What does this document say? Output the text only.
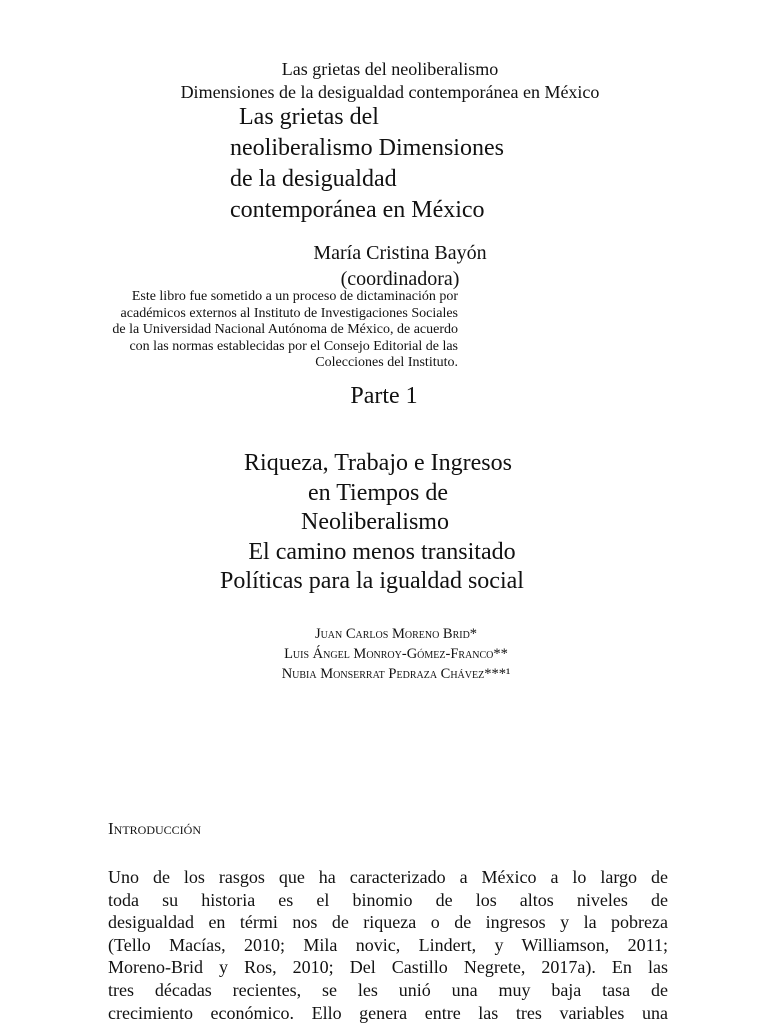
Las grietas del neoliberalismo
Dimensiones de la desigualdad contemporánea en México
Las grietas del
neoliberalismo Dimensiones
de la desigualdad
contemporánea en México
María Cristina Bayón
(coordinadora)
Este libro fue sometido a un proceso de dictaminación por
académicos externos al Instituto de Investigaciones Sociales
de la Universidad Nacional Autónoma de México, de acuerdo
con las normas establecidas por el Consejo Editorial de las
Colecciones del Instituto.
Parte 1
Riqueza, Trabajo e Ingresos
en Tiempos de
Neoliberalismo
El camino menos transitado
Políticas para la igualdad social
Juan Carlos Moreno Brid*
Luis Ángel Monroy-Gómez-Franco**
Nubia Monserrat Pedraza Chávez***¹
Introducción
Uno de los rasgos que ha caracterizado a México a lo largo de
toda su historia es el binomio de los altos niveles de
desigualdad en térmi nos de riqueza o de ingresos y la pobreza
(Tello Macías, 2010; Mila novic, Lindert, y Williamson, 2011;
Moreno-Brid y Ros, 2010; Del Castillo Negrete, 2017a). En las
tres décadas recientes, se les unió una muy baja tasa de
crecimiento económico. Ello genera entre las tres variables una
